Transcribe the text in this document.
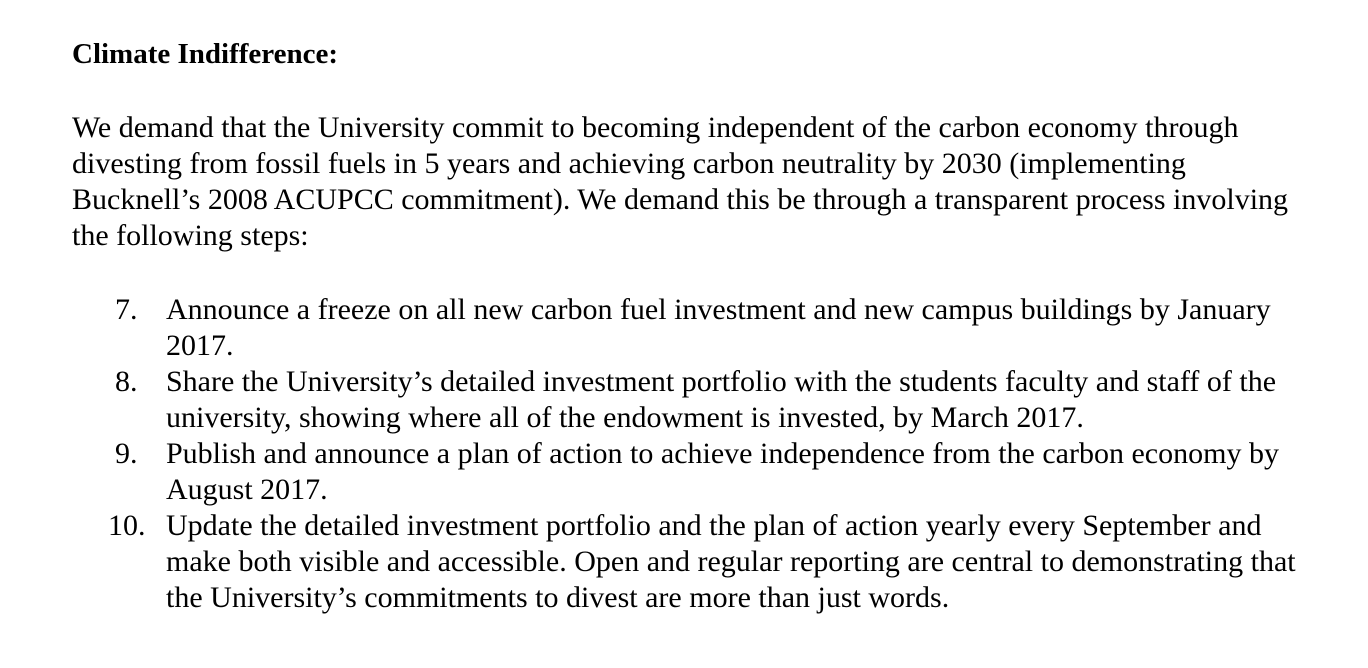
Climate Indifference:

We demand that the University commit to becoming independent of the carbon economy through divesting from fossil fuels in 5 years and achieving carbon neutrality by 2030 (implementing Bucknell’s 2008 ACUPCC commitment). We demand this be through a transparent process involving the following steps:

7. Announce a freeze on all new carbon fuel investment and new campus buildings by January 2017.
8. Share the University’s detailed investment portfolio with the students faculty and staff of the university, showing where all of the endowment is invested, by March 2017.
9. Publish and announce a plan of action to achieve independence from the carbon economy by August 2017.
10. Update the detailed investment portfolio and the plan of action yearly every September and make both visible and accessible. Open and regular reporting are central to demonstrating that the University’s commitments to divest are more than just words.
